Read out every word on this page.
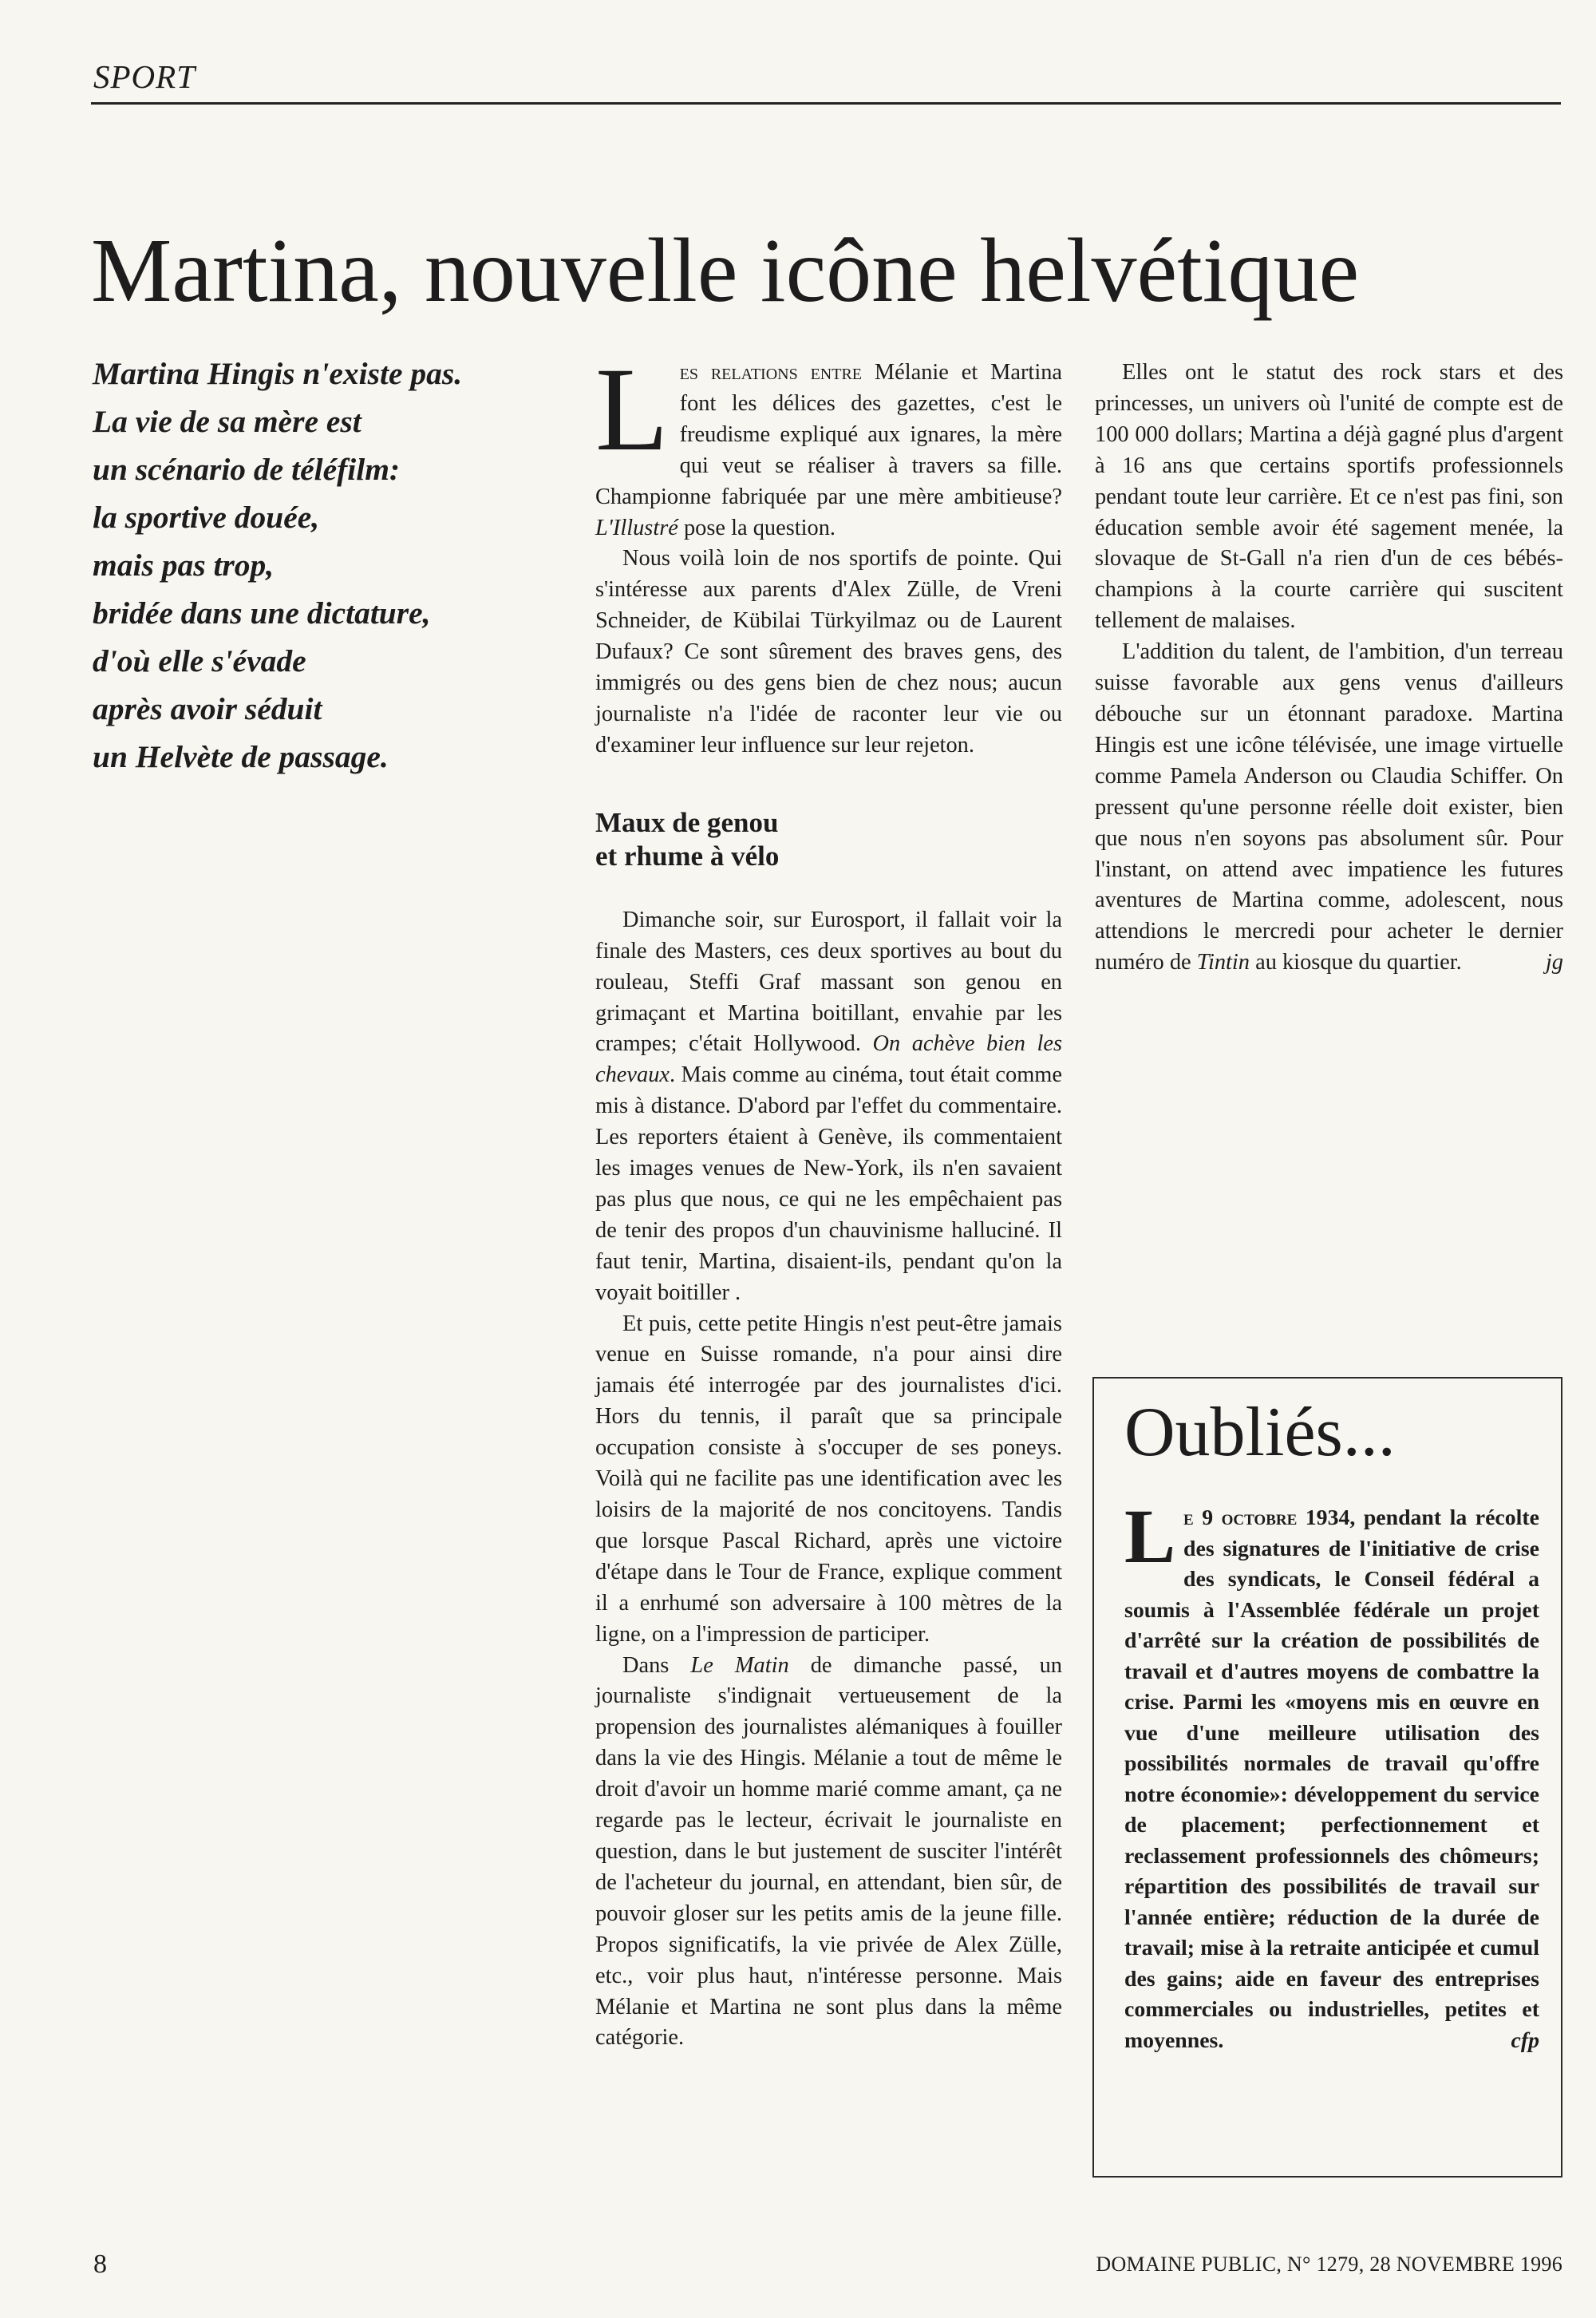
SPORT
Martina, nouvelle icône helvétique
Martina Hingis n'existe pas.
La vie de sa mère est
un scénario de téléfilm:
la sportive douée,
mais pas trop,
bridée dans une dictature,
d'où elle s'évade
après avoir séduit
un Helvète de passage.

Les relations entre Mélanie et Martina font les délices des gazettes, c'est le freudisme expliqué aux ignares, la mère qui veut se réaliser à travers sa fille. Championne fabriquée par une mère ambitieuse? L'Illustré pose la question.

Nous voilà loin de nos sportifs de pointe. Qui s'intéresse aux parents d'Alex Zülle, de Vreni Schneider, de Kübilai Türkyilmaz ou de Laurent Dufaux? Ce sont sûrement des braves gens, des immigrés ou des gens bien de chez nous; aucun journaliste n'a l'idée de raconter leur vie ou d'examiner leur influence sur leur rejeton.

Maux de genou
et rhume à vélo

Dimanche soir, sur Eurosport, il fallait voir la finale des Masters, ces deux sportives au bout du rouleau, Steffi Graf massant son genou en grimaçant et Martina boitillant, envahie par les crampes; c'était Hollywood. On achève bien les chevaux. Mais comme au cinéma, tout était comme mis à distance. D'abord par l'effet du commentaire. Les reporters étaient à Genève, ils commentaient les images venues de New-York, ils n'en savaient pas plus que nous, ce qui ne les empêchaient pas de tenir des propos d'un chauvinisme halluciné. Il faut tenir, Martina, disaient-ils, pendant qu'on la voyait boitiller .

Et puis, cette petite Hingis n'est peut-être jamais venue en Suisse romande, n'a pour ainsi dire jamais été interrogée par des journalistes d'ici. Hors du tennis, il paraît que sa principale occupation consiste à s'occuper de ses poneys. Voilà qui ne facilite pas une identification avec les loisirs de la majorité de nos concitoyens. Tandis que lorsque Pascal Richard, après une victoire d'étape dans le Tour de France, explique comment il a enrhumé son adversaire à 100 mètres de la ligne, on a l'impression de participer.

Dans Le Matin de dimanche passé, un journaliste s'indignait vertueusement de la propension des journalistes alémaniques à fouiller dans la vie des Hingis. Mélanie a tout de même le droit d'avoir un homme marié comme amant, ça ne regarde pas le lecteur, écrivait le journaliste en question, dans le but justement de susciter l'intérêt de l'acheteur du journal, en attendant, bien sûr, de pouvoir gloser sur les petits amis de la jeune fille. Propos significatifs, la vie privée de Alex Zülle, etc., voir plus haut, n'intéresse personne. Mais Mélanie et Martina ne sont plus dans la même catégorie.

Elles ont le statut des rock stars et des princesses, un univers où l'unité de compte est de 100 000 dollars; Martina a déjà gagné plus d'argent à 16 ans que certains sportifs professionnels pendant toute leur carrière. Et ce n'est pas fini, son éducation semble avoir été sagement menée, la slovaque de St-Gall n'a rien d'un de ces bébés-champions à la courte carrière qui suscitent tellement de malaises.

L'addition du talent, de l'ambition, d'un terreau suisse favorable aux gens venus d'ailleurs débouche sur un étonnant paradoxe. Martina Hingis est une icône télévisée, une image virtuelle comme Pamela Anderson ou Claudia Schiffer. On pressent qu'une personne réelle doit exister, bien que nous n'en soyons pas absolument sûr. Pour l'instant, on attend avec impatience les futures aventures de Martina comme, adolescent, nous attendions le mercredi pour acheter le dernier numéro de Tintin au kiosque du quartier.	jg

Oubliés...

Le 9 octobre 1934, pendant la récolte des signatures de l'initiative de crise des syndicats, le Conseil fédéral a soumis à l'Assemblée fédérale un projet d'arrêté sur la création de possibilités de travail et d'autres moyens de combattre la crise. Parmi les «moyens mis en œuvre en vue d'une meilleure utilisation des possibilités normales de travail qu'offre notre économie»: développement du service de placement; perfectionnement et reclassement professionnels des chômeurs; répartition des possibilités de travail sur l'année entière; réduction de la durée de travail; mise à la retraite anticipée et cumul des gains; aide en faveur des entreprises commerciales ou industrielles, petites et moyennes.	cfp

8	DOMAINE PUBLIC, N° 1279, 28 NOVEMBRE 1996
